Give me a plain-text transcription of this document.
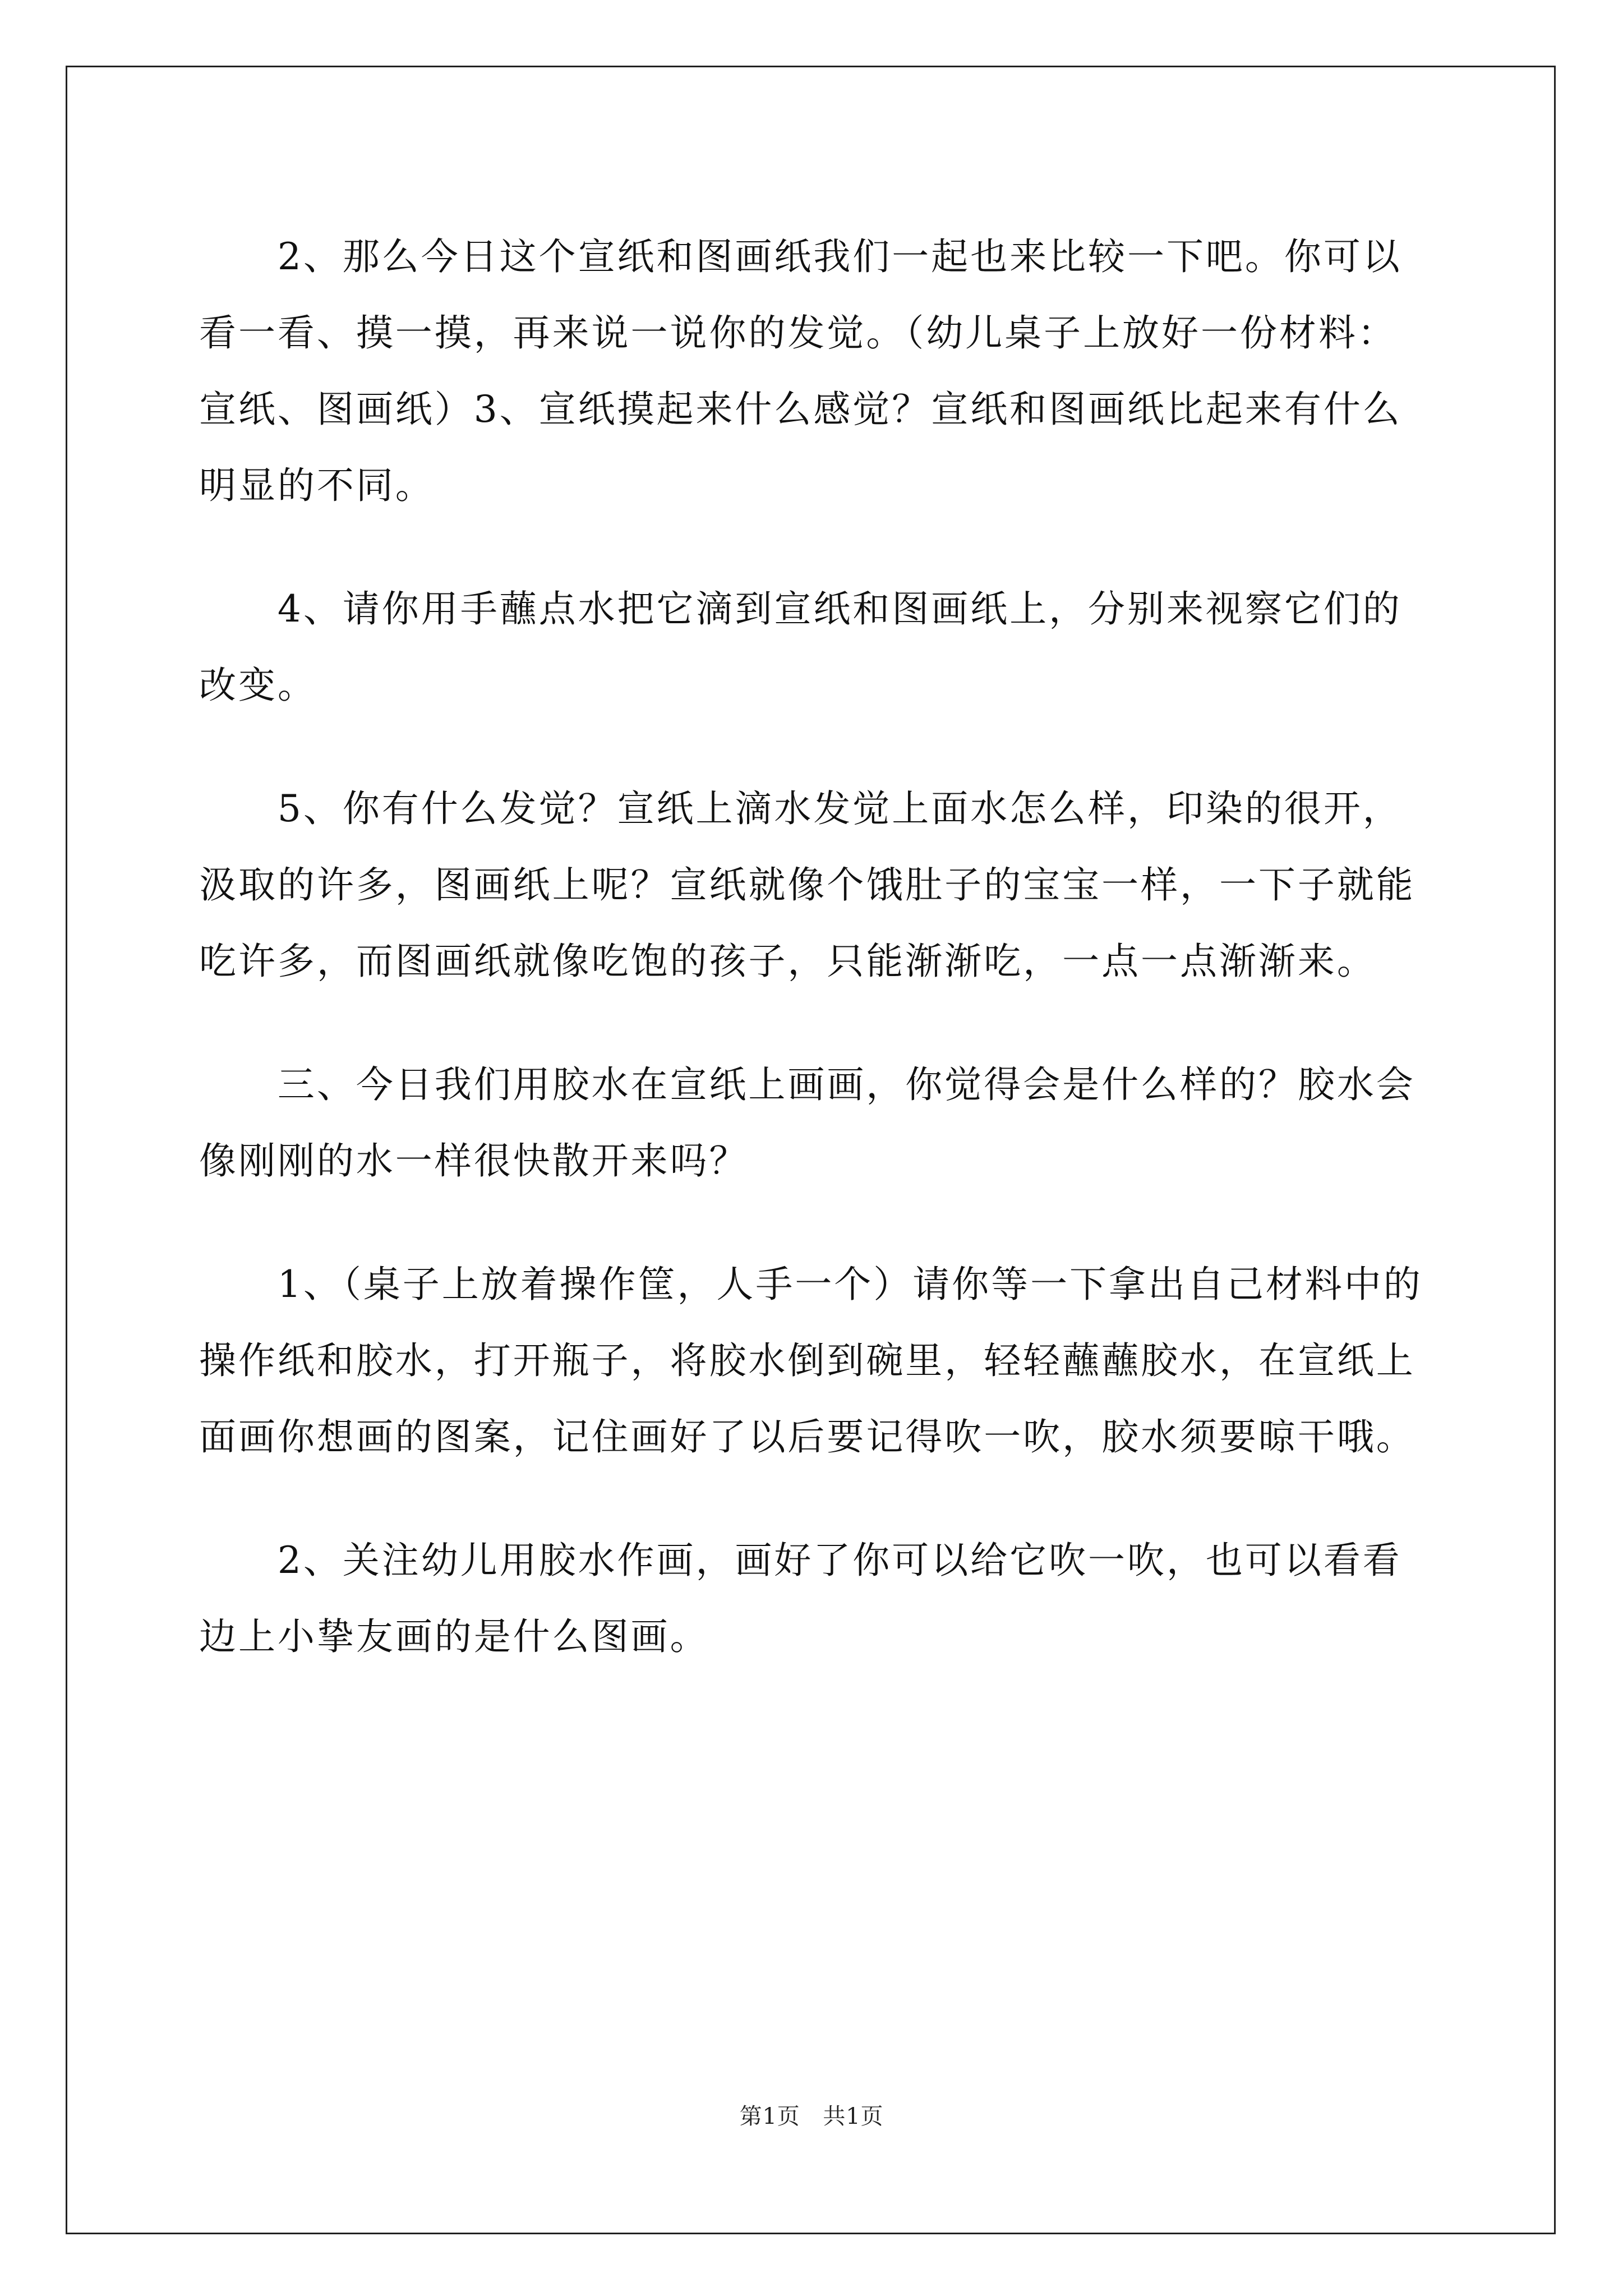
2、那么今日这个宣纸和图画纸我们一起也来比较一下吧。你可以看一看、摸一摸，再来说一说你的发觉。（幼儿桌子上放好一份材料：宣纸、图画纸）3、宣纸摸起来什么感觉？宣纸和图画纸比起来有什么明显的不同。

4、请你用手蘸点水把它滴到宣纸和图画纸上，分别来视察它们的改变。

5、你有什么发觉？宣纸上滴水发觉上面水怎么样，印染的很开，汲取的许多，图画纸上呢？宣纸就像个饿肚子的宝宝一样，一下子就能吃许多，而图画纸就像吃饱的孩子，只能渐渐吃，一点一点渐渐来。

三、今日我们用胶水在宣纸上画画，你觉得会是什么样的？胶水会像刚刚的水一样很快散开来吗？

1、（桌子上放着操作筐，人手一个）请你等一下拿出自己材料中的操作纸和胶水，打开瓶子，将胶水倒到碗里，轻轻蘸蘸胶水，在宣纸上面画你想画的图案，记住画好了以后要记得吹一吹，胶水须要晾干哦。

2、关注幼儿用胶水作画，画好了你可以给它吹一吹，也可以看看边上小挚友画的是什么图画。

第1页　共1页
